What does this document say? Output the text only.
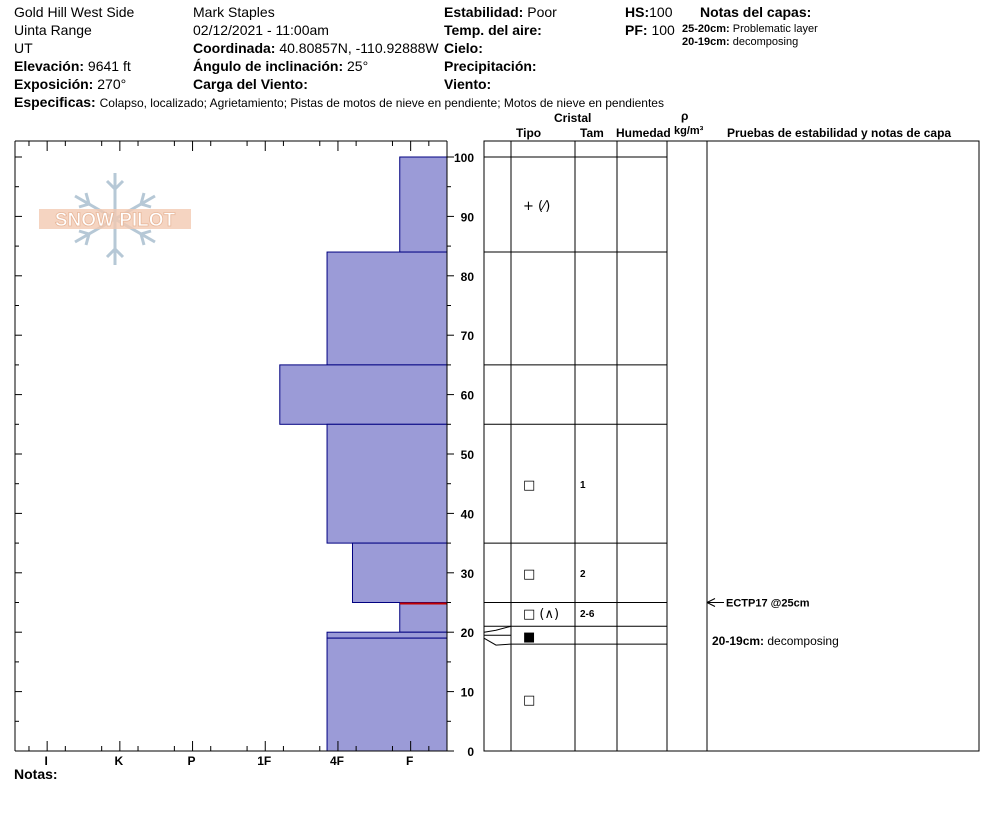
Gold Hill West Side
Uinta Range
UT
Elevación: 9641 ft
Exposición: 270°
Mark Staples
02/12/2021 - 11:00am
Coordinada: 40.80857N, -110.92888W
Ángulo de inclinación: 25°
Carga del Viento:
Estabilidad: Poor
Temp. del aire:
Cielo:
Precipitación:
Viento:
HS:100
PF: 100
Notas del capas:
25-20cm: Problematic layer
20-19cm: decomposing
Especificas: Colapso, localizado; Agrietamiento; Pistas de motos de nieve en pendiente; Motos de nieve en pendientes
Cristal
Tipo	Tam Humedad
ρ
kg/m³ Pruebas de estabilidad y notas de capa
SNOW PILOT
0
10
20
30
40
50
60
70
80
90
100
I	K	P	1F	4F	F
+ (⁄)
□	1
□	2
□ (∧) 2-6
■
□
ECTP17 @25cm
20-19cm: decomposing
Notas:
